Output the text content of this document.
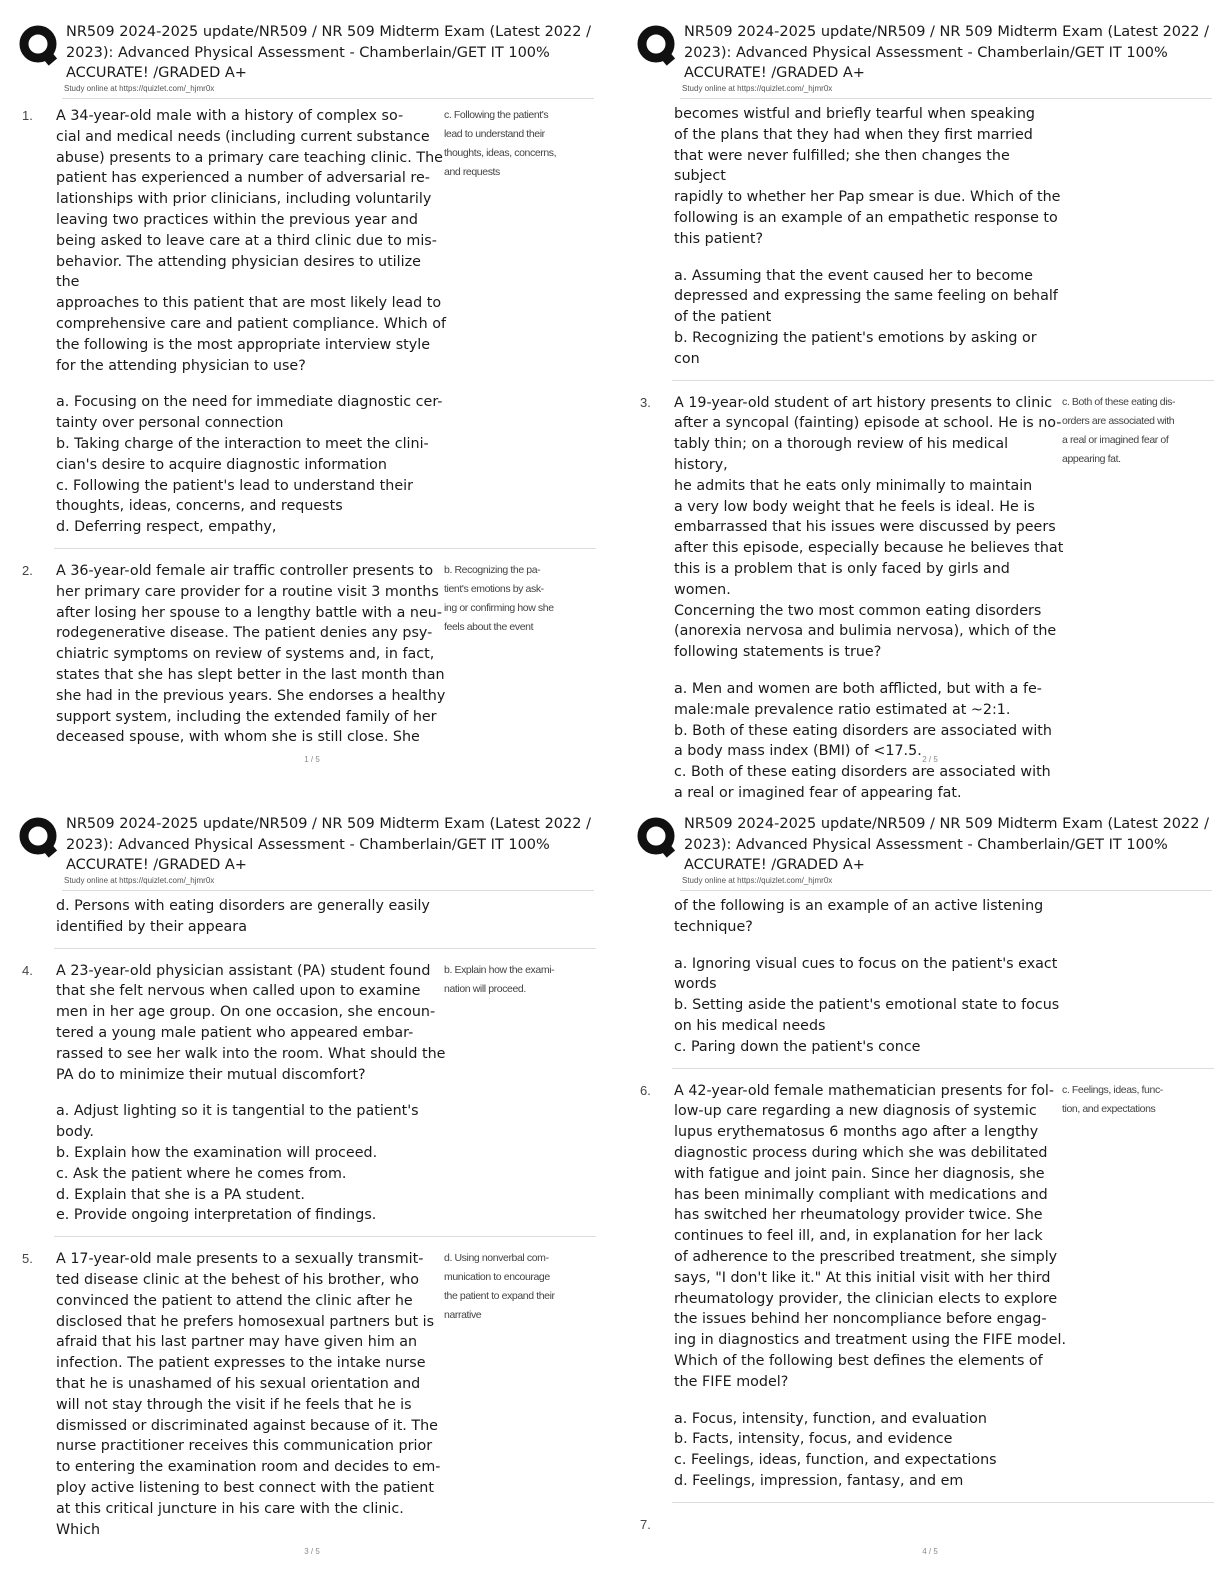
NR509 2024-2025 update/NR509 / NR 509 Midterm Exam (Latest 2022 / 2023): Advanced Physical Assessment - Chamberlain/GET IT 100% ACCURATE! /GRADED A+
Study online at https://quizlet.com/_hjmr0x
1. A 34-year-old male with a history of complex so-
cial and medical needs (including current substance
abuse) presents to a primary care teaching clinic. The
patient has experienced a number of adversarial re-
lationships with prior clinicians, including voluntarily
leaving two practices within the previous year and
being asked to leave care at a third clinic due to mis-
behavior. The attending physician desires to utilize the
approaches to this patient that are most likely lead to
comprehensive care and patient compliance. Which of
the following is the most appropriate interview style
for the attending physician to use?
a. Focusing on the need for immediate diagnostic cer-
tainty over personal connection
b. Taking charge of the interaction to meet the clini-
cian's desire to acquire diagnostic information
c. Following the patient's lead to understand their
thoughts, ideas, concerns, and requests
d. Deferring respect, empathy,
c. Following the patient's
lead to understand their
thoughts, ideas, concerns,
and requests
2. A 36-year-old female air traffic controller presents to
her primary care provider for a routine visit 3 months
after losing her spouse to a lengthy battle with a neu-
rodegenerative disease. The patient denies any psy-
chiatric symptoms on review of systems and, in fact,
states that she has slept better in the last month than
she had in the previous years. She endorses a healthy
support system, including the extended family of her
deceased spouse, with whom she is still close. She
b. Recognizing the pa-
tient's emotions by ask-
ing or confirming how she
feels about the event
1 / 5
NR509 2024-2025 update/NR509 / NR 509 Midterm Exam (Latest 2022 / 2023): Advanced Physical Assessment - Chamberlain/GET IT 100% ACCURATE! /GRADED A+
Study online at https://quizlet.com/_hjmr0x
becomes wistful and briefly tearful when speaking
of the plans that they had when they first married
that were never fulfilled; she then changes the subject
rapidly to whether her Pap smear is due. Which of the
following is an example of an empathetic response to
this patient?
a. Assuming that the event caused her to become
depressed and expressing the same feeling on behalf
of the patient
b. Recognizing the patient's emotions by asking or con
3. A 19-year-old student of art history presents to clinic
after a syncopal (fainting) episode at school. He is no-
tably thin; on a thorough review of his medical history,
he admits that he eats only minimally to maintain
a very low body weight that he feels is ideal. He is
embarrassed that his issues were discussed by peers
after this episode, especially because he believes that
this is a problem that is only faced by girls and women.
Concerning the two most common eating disorders
(anorexia nervosa and bulimia nervosa), which of the
following statements is true?
a. Men and women are both afflicted, but with a fe-
male:male prevalence ratio estimated at ~2:1.
b. Both of these eating disorders are associated with
a body mass index (BMI) of <17.5.
c. Both of these eating disorders are associated with
a real or imagined fear of appearing fat.
c. Both of these eating dis-
orders are associated with
a real or imagined fear of
appearing fat.
2 / 5
NR509 2024-2025 update/NR509 / NR 509 Midterm Exam (Latest 2022 / 2023): Advanced Physical Assessment - Chamberlain/GET IT 100% ACCURATE! /GRADED A+
Study online at https://quizlet.com/_hjmr0x
d. Persons with eating disorders are generally easily
identified by their appeara
4. A 23-year-old physician assistant (PA) student found
that she felt nervous when called upon to examine
men in her age group. On one occasion, she encoun-
tered a young male patient who appeared embar-
rassed to see her walk into the room. What should the
PA do to minimize their mutual discomfort?
a. Adjust lighting so it is tangential to the patient's
body.
b. Explain how the examination will proceed.
c. Ask the patient where he comes from.
d. Explain that she is a PA student.
e. Provide ongoing interpretation of findings.
b. Explain how the exami-
nation will proceed.
5. A 17-year-old male presents to a sexually transmit-
ted disease clinic at the behest of his brother, who
convinced the patient to attend the clinic after he
disclosed that he prefers homosexual partners but is
afraid that his last partner may have given him an
infection. The patient expresses to the intake nurse
that he is unashamed of his sexual orientation and
will not stay through the visit if he feels that he is
dismissed or discriminated against because of it. The
nurse practitioner receives this communication prior
to entering the examination room and decides to em-
ploy active listening to best connect with the patient
at this critical juncture in his care with the clinic. Which
d. Using nonverbal com-
munication to encourage
the patient to expand their
narrative
3 / 5
NR509 2024-2025 update/NR509 / NR 509 Midterm Exam (Latest 2022 / 2023): Advanced Physical Assessment - Chamberlain/GET IT 100% ACCURATE! /GRADED A+
Study online at https://quizlet.com/_hjmr0x
of the following is an example of an active listening
technique?
a. Ignoring visual cues to focus on the patient's exact
words
b. Setting aside the patient's emotional state to focus
on his medical needs
c. Paring down the patient's conce
6. A 42-year-old female mathematician presents for fol-
low-up care regarding a new diagnosis of systemic
lupus erythematosus 6 months ago after a lengthy
diagnostic process during which she was debilitated
with fatigue and joint pain. Since her diagnosis, she
has been minimally compliant with medications and
has switched her rheumatology provider twice. She
continues to feel ill, and, in explanation for her lack
of adherence to the prescribed treatment, she simply
says, "I don't like it." At this initial visit with her third
rheumatology provider, the clinician elects to explore
the issues behind her noncompliance before engag-
ing in diagnostics and treatment using the FIFE model.
Which of the following best defines the elements of
the FIFE model?
a. Focus, intensity, function, and evaluation
b. Facts, intensity, focus, and evidence
c. Feelings, ideas, function, and expectations
d. Feelings, impression, fantasy, and em
c. Feelings, ideas, func-
tion, and expectations
7.
4 / 5
